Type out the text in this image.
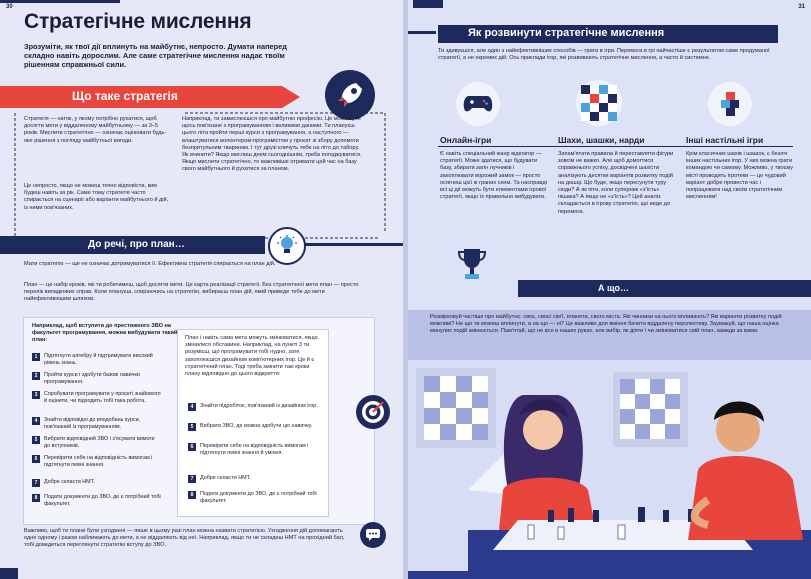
30
Стратегічне мислення
Зрозуміти, як твої дії вплинуть на майбутнє, непросто. Думати наперед складно навіть дорослим. Але саме стратегічне мислення надає твоїм рішенням справжньої сили.
Що таке стратегія
Стратегія — натяк, у якому потрібно рухатися, щоб досягти мети у віддаленому майбутньому — за 3–5 років. Мислити стратегічно — означає оцінювати будь-яке рішення з погляду майбутньої вигоди.
Це непросто, якщо не можеш точно відповісти, ким будеш навіть за рік. Саме тому стратегія часто спирається на сценарії або варіанти майбутнього й дій, із ними пов'язаних.
Наприклад, ти замислюєшся про майбутню професію. Це може бути щось пов'язане з програмуванням і великими даними. Ти плануєш цього літа пройти перші курси з програмування, а наступного — влаштуватися волонтером-програмістом у проєкт зі збору допомоги безпритульним тваринам. І тут друзі кличуть тебе на літо до табору. Як вчинити? Якщо мислиш днем сьогоднішнім, треба погоджуватися. Якщо мислити стратегічно, то важливіше отримати цей час на базу свого майбутнього й рухатися за планом.
До речі, про план…
Мати стратегію — ще не означає дотримуватися її. Ефективна стратегія спирається на план дій.
План — це набір кроків, які ти робитимеш, щоб досягти мети. Це карта реалізації стратегії. Без стратегічної мети план — просто перелік випадкових справ. Коли плануєш, спираючись на стратегію, вибираєш план дій, який приведе тебе до мети найефективнішим шляхом.
Наприклад, щоб вступити до престижного ЗВО на факультет програмування, можна вибудувати такий план:
1	Підтягнути алгебру й підтримувати високий рівень знань.
2	Пройти курси і здобути базові навички програмування.
3	Спробувати програмувати у проєкті знайомого й оцінити, чи підходить тобі така робота.
4	Знайти відповідні до вподобань курси, пов'язаний із програмуванням.
5	Вибрати відповідний ЗВО і з'ясувати вимоги до вступників.
6	Перевірити себе на відповідність вимогам і підтягнути певні знання.
7	Добре скласти НМТ.
8	Подати документи до ЗВО, де є потрібний тобі факультет.
План і навіть сама мета можуть змінюватися, якщо змінилися обставини. Наприклад, на пункті 3 ти розумієш, що програмувати тобі нудно, зате захоплюєшся дизайном комп'ютерних ігор. Це й є стратегічний план. Тоді треба змінити такі кроки плану відповідно до цього відкриття:
4	Знайти підробіток, пов'язаний із дизайном ігор.
5	Вибрати ЗВО, де можна здобути цю навичку.
6	Перевірити себе на відповідність вимогам і підтягнути певні знання й уміння.
7	Добре скласти НМТ.
8	Подати документи до ЗВО, де є потрібний тобі факультет.
Важливо, щоб ти плани були узгоджені — лише в цьому разі план можна назвати стратегією. Узгодження дій допомагають одне одному і разом наближають до мети, а не віддаляють від неї. Наприклад, якщо ти не складеш НМТ на прохідний бал, тобі доведеться переглянути стратегію вступу до ЗВО.
31
Як розвинути стратегічне мислення
Ти здивуєшся, але один з найефективніших способів — грати в ігри. Перемога в грі найчастіше є результатом саме продуманої стратегії, а не окремих дій. Ось приклади ігор, які розвивають стратегічне мислення, а часто й системне.
Онлайн-ігри	Шахи, шашки, нарди	Інші настільні ігри
Є навіть спеціальний жанр відеоігор — стратегії. Може здатися, що будувати базу, збирати загін лучників і захоплювати ворожий замок — просто осягнеш цієї ж граних схем. Та насправді всі ці дії можуть бути елементами ігрової стратегії, якщо їх правильно вибудувати.
Запам'ятати правила й переставляти фігури зовсім не важко. Але щоб домогтися справжнього успіху, досвідчені шахісти аналізують десятки варіантів розвитку подій на дошці. Що буде, якщо пересунути туру сюди? А як піти, коли суперник «з'їсть» пішака? А якщо не «з'їсть»? Цей аналіз складається в ігрову стратегію, що веде до перемоги.
Крім класичних шахів і шашок, є безліч інших настільних ігор. У них можна грати командою чи самому. Можливо, у твоєму місті проводять ігротеки — це чудовий варіант добре провести час і попрацювати над своїм стратегічним мисленням!
А що…
Розмірковуй частіше про майбутнє: своє, своєї сім'ї, планети, свого міста. Які чинники на нього впливають? Які варіанти розвитку подій можливі? Не що ти можеш вплинути, а на що — ні? Це важливо для вміння бачити віддалену перспективу. Зауважуй, що наша оцінка минулих подій змінюється. Пам'ятай, що не все в наших руках, але вибір, як діяти і чи змінюватися свій план, завжди за вами.
